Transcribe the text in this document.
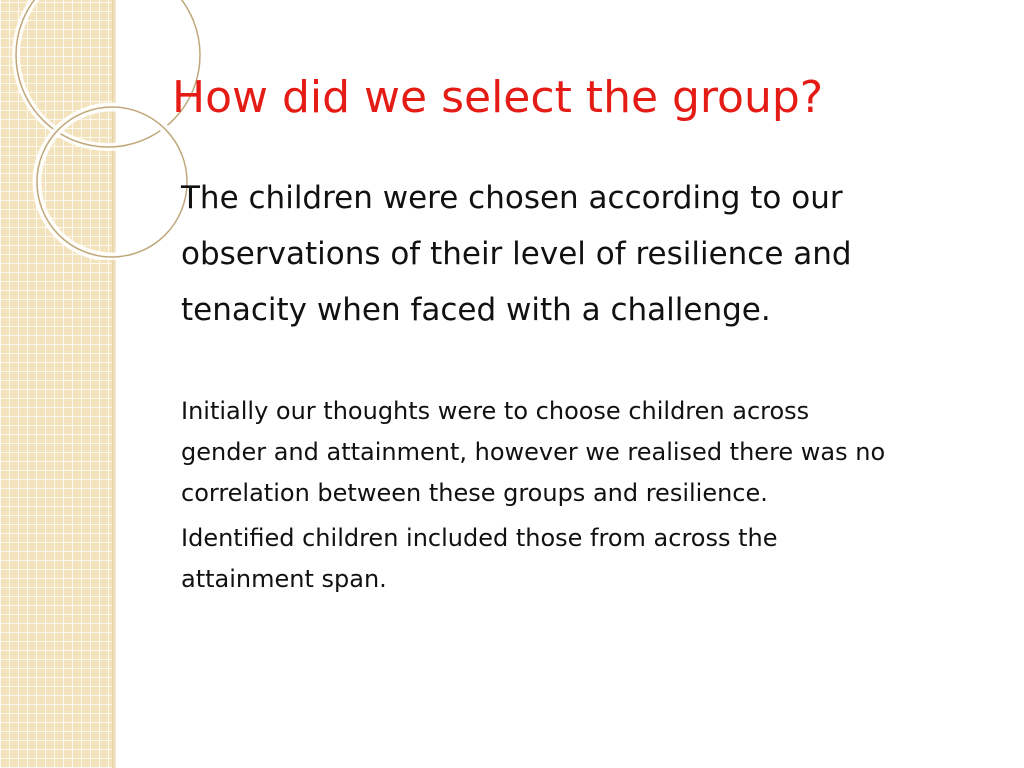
How did we select the group?

The children were chosen according to our
observations of their level of resilience and
tenacity when faced with a challenge.

Initially our thoughts were to choose children across
gender and attainment, however we realised there was no
correlation between these groups and resilience.

Identified children included those from across the
attainment span.
